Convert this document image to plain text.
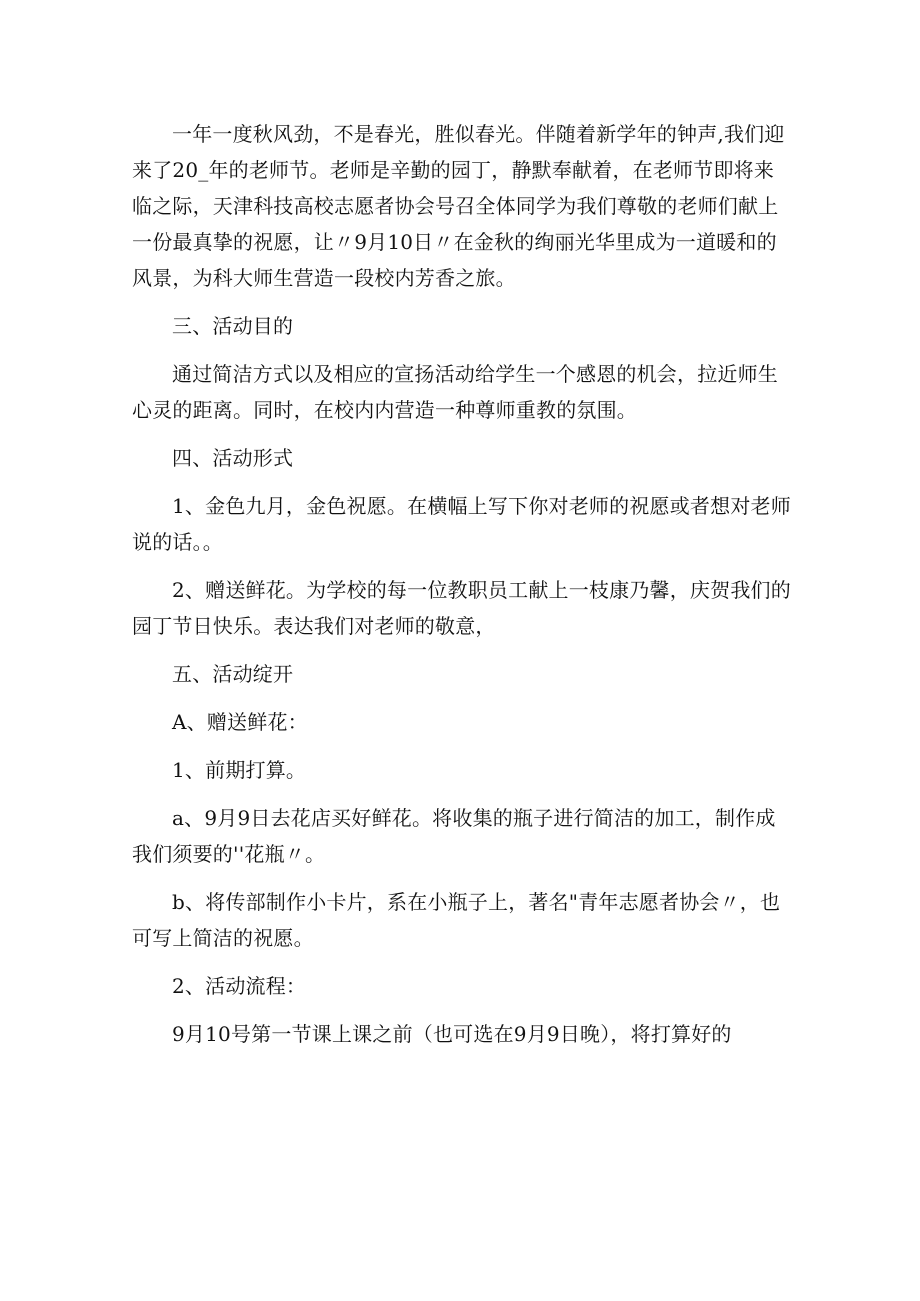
一年一度秋风劲，不是春光，胜似春光。伴随着新学年的钟声,我们迎来了20_年的老师节。老师是辛勤的园丁，静默奉献着，在老师节即将来临之际，天津科技高校志愿者协会号召全体同学为我们尊敬的老师们献上一份最真挚的祝愿，让〃9月10日〃在金秋的绚丽光华里成为一道暖和的风景，为科大师生营造一段校内芳香之旅。

三、活动目的

通过简洁方式以及相应的宣扬活动给学生一个感恩的机会，拉近师生心灵的距离。同时，在校内内营造一种尊师重教的氛围。

四、活动形式

1、金色九月，金色祝愿。在横幅上写下你对老师的祝愿或者想对老师说的话。。

2、赠送鲜花。为学校的每一位教职员工献上一枝康乃馨，庆贺我们的园丁节日快乐。表达我们对老师的敬意，

五、活动绽开

A、赠送鲜花：

1、前期打算。

a、9月9日去花店买好鲜花。将收集的瓶子进行简洁的加工，制作成我们须要的''花瓶〃。

b、将传部制作小卡片，系在小瓶子上，著名"青年志愿者协会〃，也可写上简洁的祝愿。

2、活动流程：

9月10号第一节课上课之前（也可选在9月9日晚），将打算好的
